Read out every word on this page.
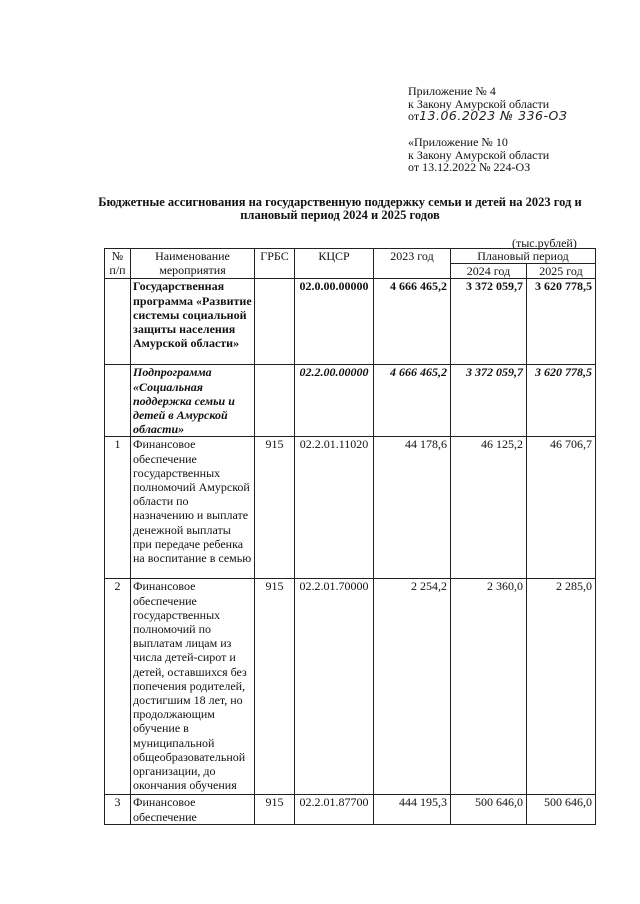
Приложение № 4
к Закону Амурской области
от13.06.2023 № 336-ОЗ
«Приложение № 10
к Закону Амурской области
от 13.12.2022 № 224-ОЗ
Бюджетные ассигнования на государственную поддержку семьи и детей на 2023 год и
плановый период 2024 и 2025 годов
(тыс.рублей)
№ п/п	Наименование мероприятия	ГРБС	КЦСР	2023 год	Плановый период	
					2024 год	2025 год
	Государственная программа «Развитие системы социальной защиты населения Амурской области»		02.0.00.00000	4 666 465,2	3 372 059,7	3 620 778,5
	Подпрограмма «Социальная поддержка семьи и детей в Амурской области»		02.2.00.00000	4 666 465,2	3 372 059,7	3 620 778,5
1	Финансовое обеспечение государственных полномочий Амурской области по назначению и выплате денежной выплаты при передаче ребенка на воспитание в семью	915	02.2.01.11020	44 178,6	46 125,2	46 706,7
2	Финансовое обеспечение государственных полномочий по выплатам лицам из числа детей-сирот и детей, оставшихся без попечения родителей, достигшим 18 лет, но продолжающим обучение в муниципальной общеобразовательной организации, до окончания обучения	915	02.2.01.70000	2 254,2	2 360,0	2 285,0
3	Финансовое обеспечение	915	02.2.01.87700	444 195,3	500 646,0	500 646,0
